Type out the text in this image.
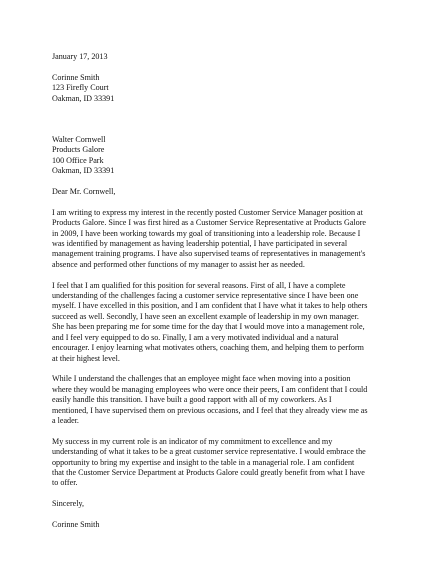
January 17, 2013
Corinne Smith
123 Firefly Court
Oakman, ID 33391
Walter Cornwell
Products Galore
100 Office Park
Oakman, ID 33391
Dear Mr. Cornwell,
I am writing to express my interest in the recently posted Customer Service Manager position at
Products Galore. Since I was first hired as a Customer Service Representative at Products Galore
in 2009, I have been working towards my goal of transitioning into a leadership role. Because I
was identified by management as having leadership potential, I have participated in several
management training programs. I have also supervised teams of representatives in management's
absence and performed other functions of my manager to assist her as needed.
I feel that I am qualified for this position for several reasons. First of all, I have a complete
understanding of the challenges facing a customer service representative since I have been one
myself. I have excelled in this position, and I am confident that I have what it takes to help others
succeed as well. Secondly, I have seen an excellent example of leadership in my own manager.
She has been preparing me for some time for the day that I would move into a management role,
and I feel very equipped to do so. Finally, I am a very motivated individual and a natural
encourager. I enjoy learning what motivates others, coaching them, and helping them to perform
at their highest level.
While I understand the challenges that an employee might face when moving into a position
where they would be managing employees who were once their peers, I am confident that I could
easily handle this transition. I have built a good rapport with all of my coworkers. As I
mentioned, I have supervised them on previous occasions, and I feel that they already view me as
a leader.
My success in my current role is an indicator of my commitment to excellence and my
understanding of what it takes to be a great customer service representative. I would embrace the
opportunity to bring my expertise and insight to the table in a managerial role. I am confident
that the Customer Service Department at Products Galore could greatly benefit from what I have
to offer.
Sincerely,
Corinne Smith
